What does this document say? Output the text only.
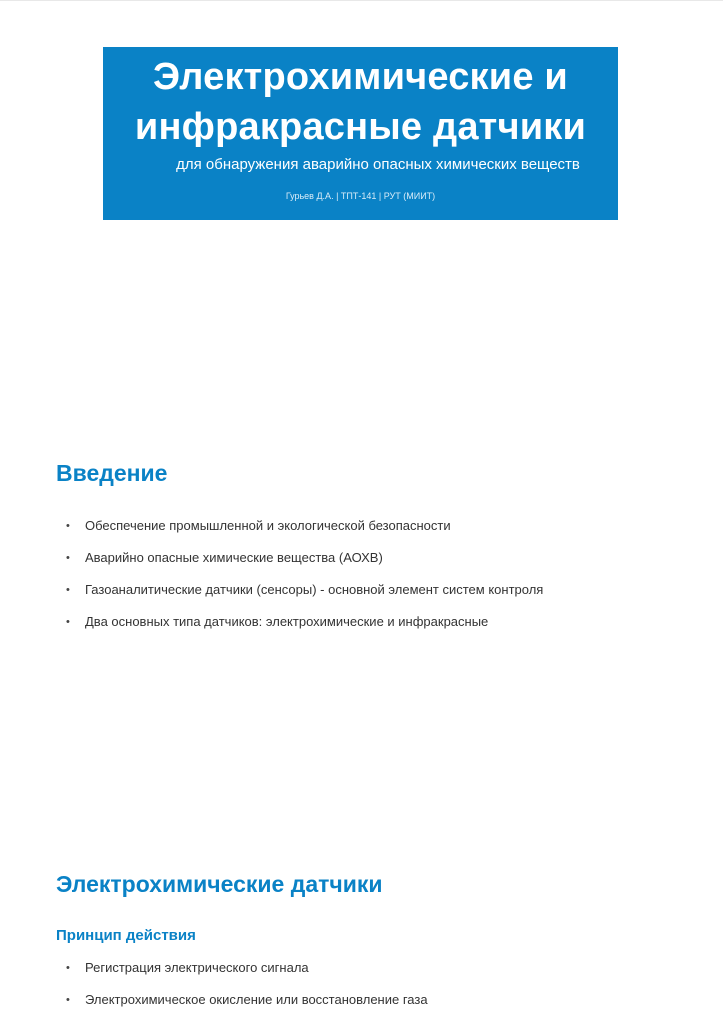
Электрохимические и инфракрасные датчики

для обнаружения аварийно опасных химических веществ

Гурьев Д.А. | ТПТ-141 | РУТ (МИИТ)

Введение
• Обеспечение промышленной и экологической безопасности
• Аварийно опасные химические вещества (АОХВ)
• Газоаналитические датчики (сенсоры) - основной элемент систем контроля
• Два основных типа датчиков: электрохимические и инфракрасные
Электрохимические датчики
Принцип действия
• Регистрация электрического сигнала
• Электрохимическое окисление или восстановление газа
